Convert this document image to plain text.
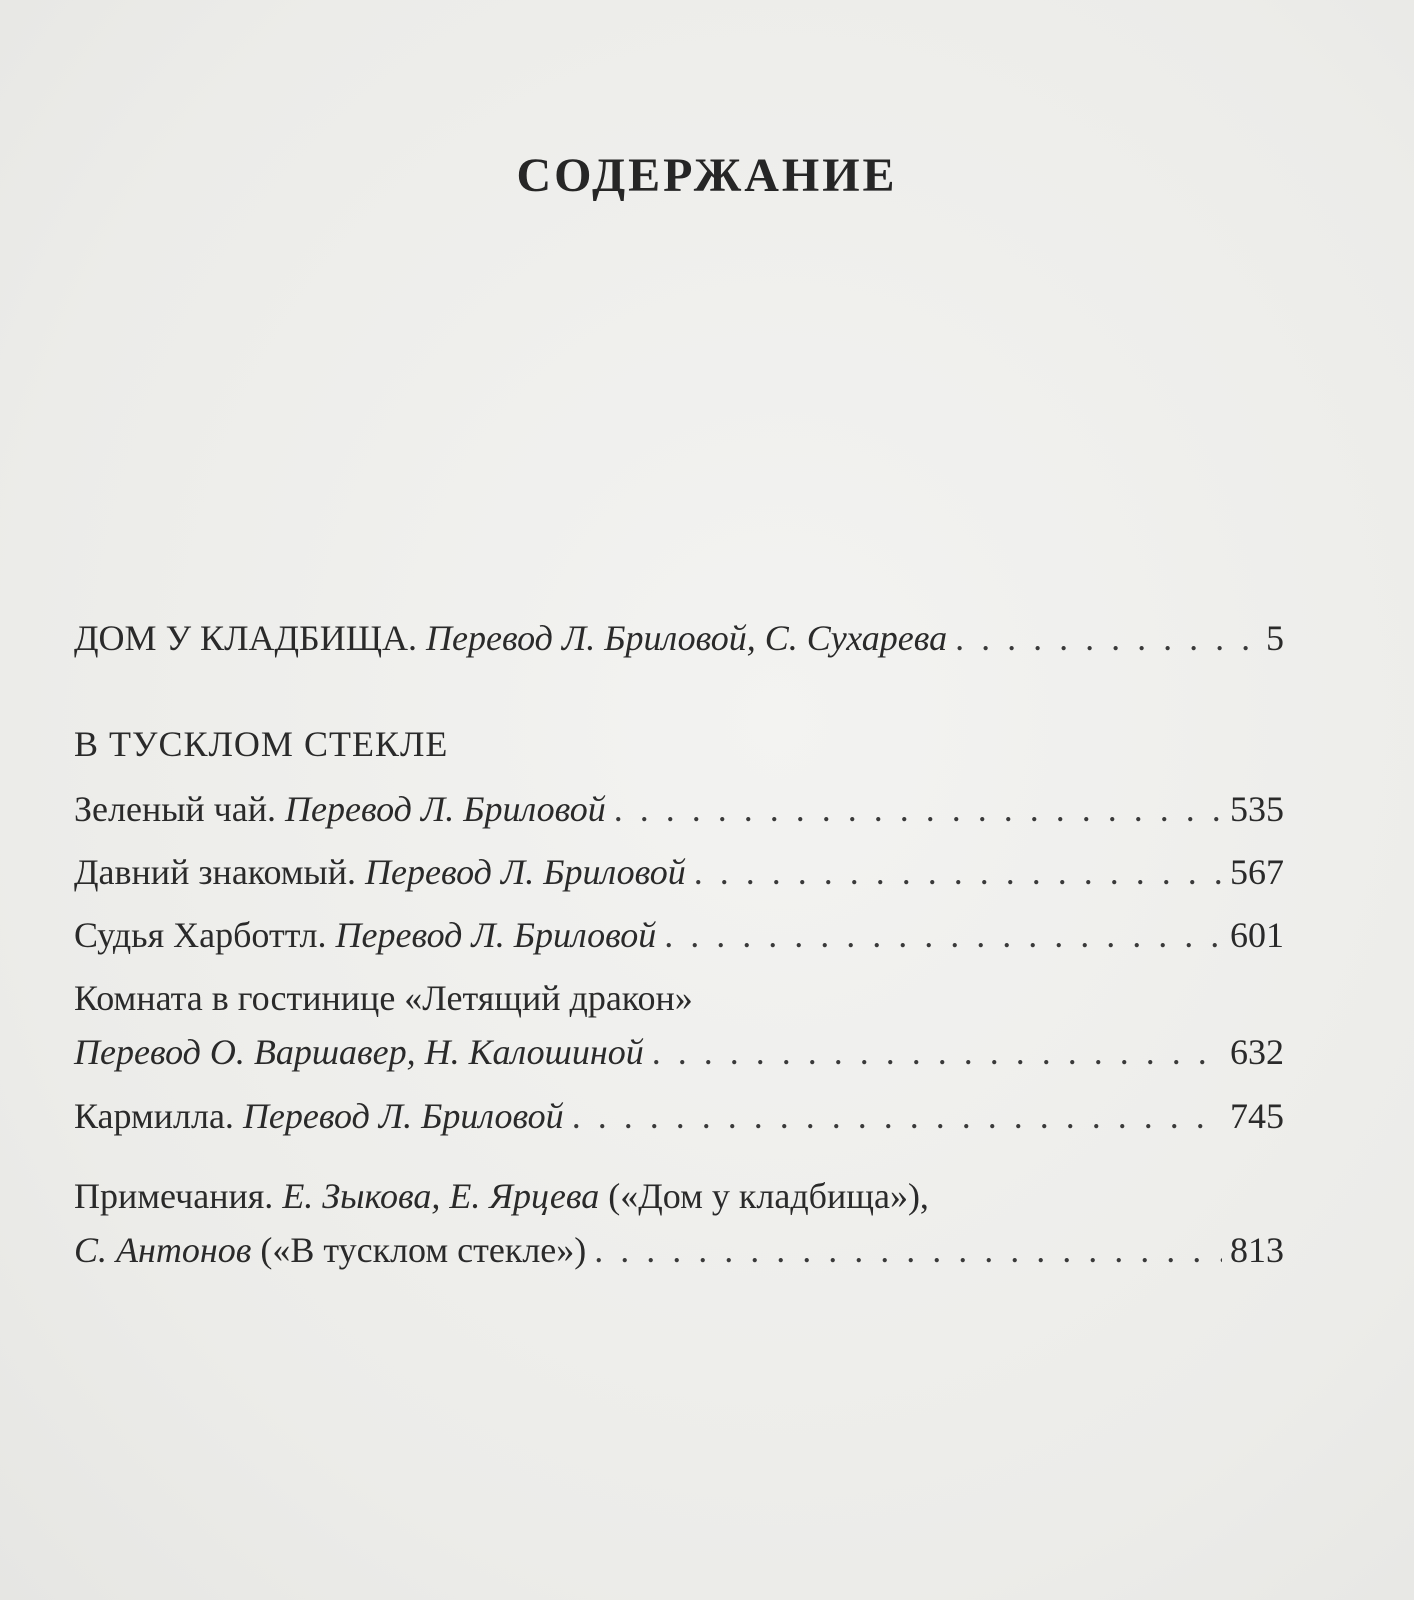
СОДЕРЖАНИЕ
ДОМ У КЛАДБИЩА. Перевод Л. Бриловой, С. Сухарева . . .	5
В ТУСКЛОМ СТЕКЛЕ
Зеленый чай. Перевод Л. Бриловой . . .	535
Давний знакомый. Перевод Л. Бриловой . . .	567
Судья Харботтл. Перевод Л. Бриловой . . .	601
Комната в гостинице «Летящий дракон»
Перевод О. Варшавер, Н. Калошиной . . .	632
Кармилла. Перевод Л. Бриловой . . .	745
Примечания. Е. Зыкова, Е. Ярцева («Дом у кладбища»),
С. Антонов («В тусклом стекле») . . .	813
